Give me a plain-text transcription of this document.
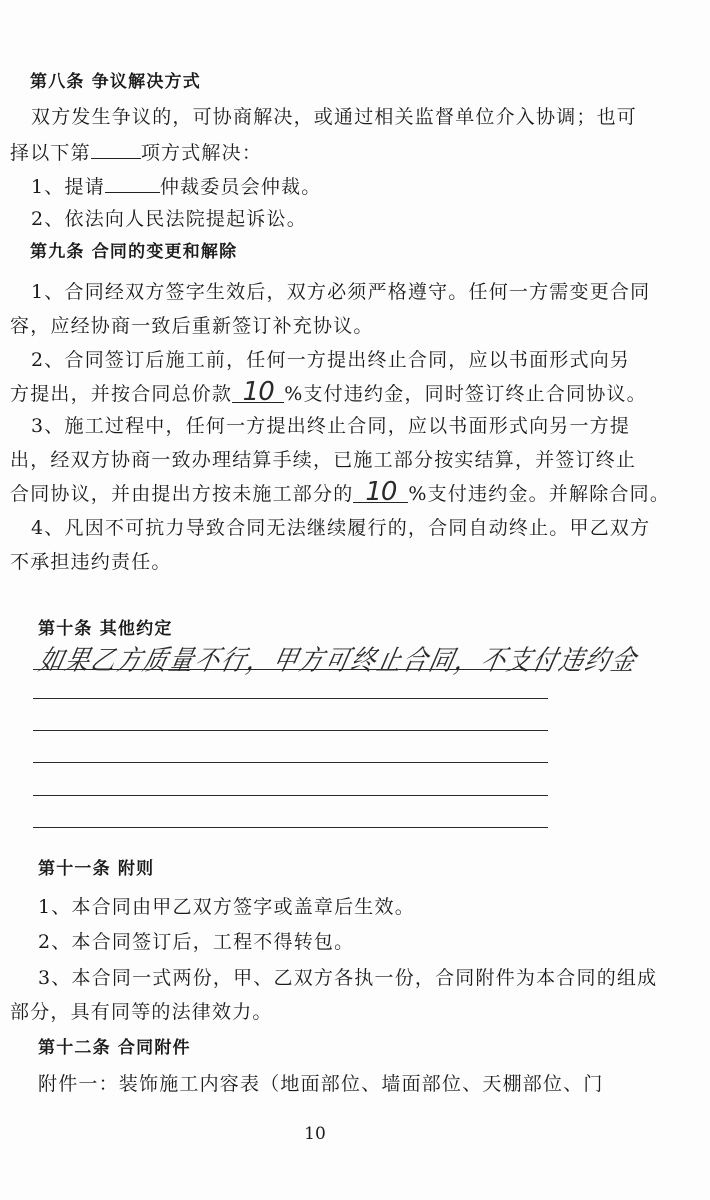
第八条 争议解决方式
双方发生争议的，可协商解决，或通过相关监督单位介入协调；也可
择以下第	项方式解决：
1、提请	仲裁委员会仲裁。
2、依法向人民法院提起诉讼。
第九条 合同的变更和解除
1、合同经双方签字生效后，双方必须严格遵守。任何一方需变更合同
容，应经协商一致后重新签订补充协议。
2、合同签订后施工前，任何一方提出终止合同，应以书面形式向另
方提出，并按合同总价款 10 %支付违约金，同时签订终止合同协议。
3、施工过程中，任何一方提出终止合同，应以书面形式向另一方提
出，经双方协商一致办理结算手续，已施工部分按实结算，并签订终止
合同协议，并由提出方按未施工部分的 10 %支付违约金。并解除合同。
4、凡因不可抗力导致合同无法继续履行的，合同自动终止。甲乙双方
不承担违约责任。
第十条 其他约定
如果乙方质量不行，甲方可终止合同，不支付违约金
第十一条 附则
1、本合同由甲乙双方签字或盖章后生效。
2、本合同签订后，工程不得转包。
3、本合同一式两份，甲、乙双方各执一份，合同附件为本合同的组成
部分，具有同等的法律效力。
第十二条 合同附件
附件一：装饰施工内容表（地面部位、墙面部位、天棚部位、门
10
